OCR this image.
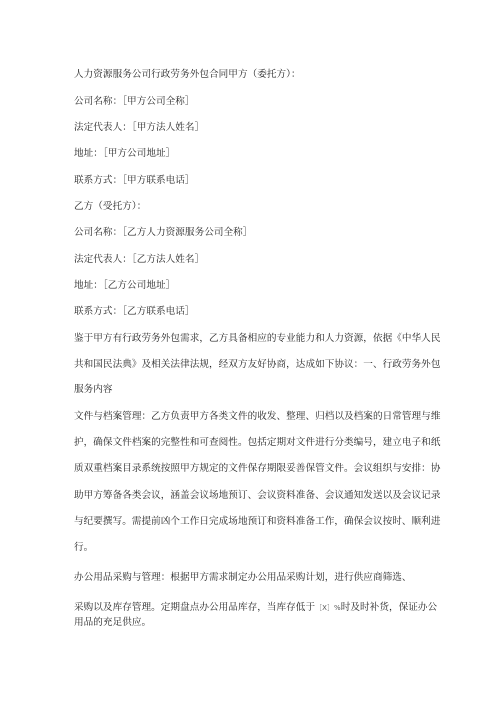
人力资源服务公司行政劳务外包合同甲方（委托方）：
公司名称：［甲方公司全称］
法定代表人：［甲方法人姓名］
地址：［甲方公司地址］
联系方式：［甲方联系电话］
乙方（受托方）：
公司名称：［乙方人力资源服务公司全称］
法定代表人：［乙方法人姓名］
地址：［乙方公司地址］
联系方式：［乙方联系电话］
鉴于甲方有行政劳务外包需求，乙方具备相应的专业能力和人力资源，依据《中华人民
共和国民法典》及相关法律法规，经双方友好协商，达成如下协议：一、行政劳务外包
服务内容
文件与档案管理：乙方负责甲方各类文件的收发、整理、归档以及档案的日常管理与维
护，确保文件档案的完整性和可查阅性。包括定期对文件进行分类编号，建立电子和纸
质双重档案目录系统按照甲方规定的文件保存期限妥善保管文件。会议组织与安排：协
助甲方筹备各类会议，涵盖会议场地预订、会议资料准备、会议通知发送以及会议记录
与纪要撰写。需提前凶个工作日完成场地预订和资料准备工作，确保会议按时、顺利进
行。
办公用品采购与管理：根据甲方需求制定办公用品采购计划，进行供应商筛选、
采购以及库存管理。定期盘点办公用品库存，当库存低于［X］%时及时补货，保证办公
用品的充足供应。
